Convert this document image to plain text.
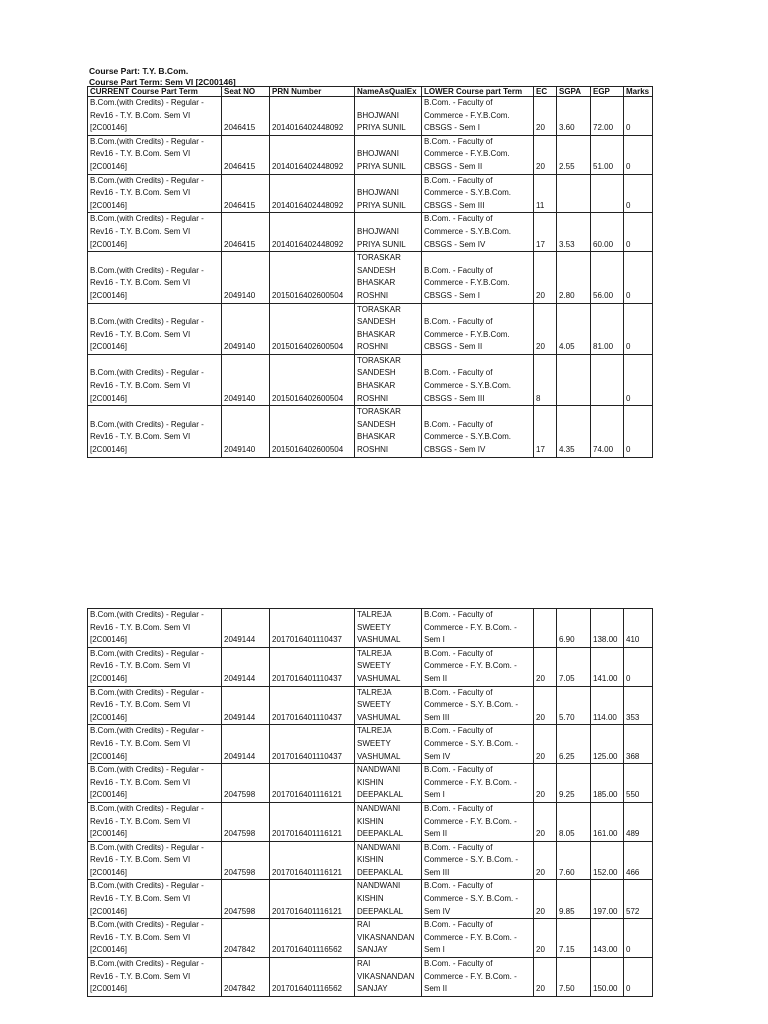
Course Part: T.Y. B.Com.
Course Part Term: Sem VI [2C00146]
CURRENT Course Part Term	Seat NO	PRN Number	NameAsQualEx	LOWER Course part Term	EC	SGPA	EGP	Marks
B.Com.(with Credits) - Regular - Rev16 - T.Y. B.Com. Sem VI [2C00146]	2046415	2014016402448092	BHOJWANI PRIYA SUNIL	B.Com. - Faculty of Commerce - F.Y.B.Com. CBSGS - Sem I	20	3.60	72.00	0
B.Com.(with Credits) - Regular - Rev16 - T.Y. B.Com. Sem VI [2C00146]	2046415	2014016402448092	BHOJWANI PRIYA SUNIL	B.Com. - Faculty of Commerce - F.Y.B.Com. CBSGS - Sem II	20	2.55	51.00	0
B.Com.(with Credits) - Regular - Rev16 - T.Y. B.Com. Sem VI [2C00146]	2046415	2014016402448092	BHOJWANI PRIYA SUNIL	B.Com. - Faculty of Commerce - S.Y.B.Com. CBSGS - Sem III	11			0
B.Com.(with Credits) - Regular - Rev16 - T.Y. B.Com. Sem VI [2C00146]	2046415	2014016402448092	BHOJWANI PRIYA SUNIL	B.Com. - Faculty of Commerce - S.Y.B.Com. CBSGS - Sem IV	17	3.53	60.00	0
B.Com.(with Credits) - Regular - Rev16 - T.Y. B.Com. Sem VI [2C00146]	2049140	2015016402600504	TORASKAR SANDESH BHASKAR ROSHNI	B.Com. - Faculty of Commerce - F.Y.B.Com. CBSGS - Sem I	20	2.80	56.00	0
B.Com.(with Credits) - Regular - Rev16 - T.Y. B.Com. Sem VI [2C00146]	2049140	2015016402600504	TORASKAR SANDESH BHASKAR ROSHNI	B.Com. - Faculty of Commerce - F.Y.B.Com. CBSGS - Sem II	20	4.05	81.00	0
B.Com.(with Credits) - Regular - Rev16 - T.Y. B.Com. Sem VI [2C00146]	2049140	2015016402600504	TORASKAR SANDESH BHASKAR ROSHNI	B.Com. - Faculty of Commerce - S.Y.B.Com. CBSGS - Sem III	8			0
B.Com.(with Credits) - Regular - Rev16 - T.Y. B.Com. Sem VI [2C00146]	2049140	2015016402600504	TORASKAR SANDESH BHASKAR ROSHNI	B.Com. - Faculty of Commerce - S.Y.B.Com. CBSGS - Sem IV	17	4.35	74.00	0
B.Com.(with Credits) - Regular - Rev16 - T.Y. B.Com. Sem VI [2C00146]	2049144	2017016401110437	TALREJA SWEETY VASHUMAL	B.Com. - Faculty of Commerce - F.Y. B.Com. - Sem I		6.90	138.00	410
B.Com.(with Credits) - Regular - Rev16 - T.Y. B.Com. Sem VI [2C00146]	2049144	2017016401110437	TALREJA SWEETY VASHUMAL	B.Com. - Faculty of Commerce - F.Y. B.Com. - Sem II	20	7.05	141.00	0
B.Com.(with Credits) - Regular - Rev16 - T.Y. B.Com. Sem VI [2C00146]	2049144	2017016401110437	TALREJA SWEETY VASHUMAL	B.Com. - Faculty of Commerce - S.Y. B.Com. - Sem III	20	5.70	114.00	353
B.Com.(with Credits) - Regular - Rev16 - T.Y. B.Com. Sem VI [2C00146]	2049144	2017016401110437	TALREJA SWEETY VASHUMAL	B.Com. - Faculty of Commerce - S.Y. B.Com. - Sem IV	20	6.25	125.00	368
B.Com.(with Credits) - Regular - Rev16 - T.Y. B.Com. Sem VI [2C00146]	2047598	2017016401116121	NANDWANI KISHIN DEEPAKLAL	B.Com. - Faculty of Commerce - F.Y. B.Com. - Sem I	20	9.25	185.00	550
B.Com.(with Credits) - Regular - Rev16 - T.Y. B.Com. Sem VI [2C00146]	2047598	2017016401116121	NANDWANI KISHIN DEEPAKLAL	B.Com. - Faculty of Commerce - F.Y. B.Com. - Sem II	20	8.05	161.00	489
B.Com.(with Credits) - Regular - Rev16 - T.Y. B.Com. Sem VI [2C00146]	2047598	2017016401116121	NANDWANI KISHIN DEEPAKLAL	B.Com. - Faculty of Commerce - S.Y. B.Com. - Sem III	20	7.60	152.00	466
B.Com.(with Credits) - Regular - Rev16 - T.Y. B.Com. Sem VI [2C00146]	2047598	2017016401116121	NANDWANI KISHIN DEEPAKLAL	B.Com. - Faculty of Commerce - S.Y. B.Com. - Sem IV	20	9.85	197.00	572
B.Com.(with Credits) - Regular - Rev16 - T.Y. B.Com. Sem VI [2C00146]	2047842	2017016401116562	RAI VIKASNANDAN SANJAY	B.Com. - Faculty of Commerce - F.Y. B.Com. - Sem I	20	7.15	143.00	0
B.Com.(with Credits) - Regular - Rev16 - T.Y. B.Com. Sem VI [2C00146]	2047842	2017016401116562	RAI VIKASNANDAN SANJAY	B.Com. - Faculty of Commerce - F.Y. B.Com. - Sem II	20	7.50	150.00	0
